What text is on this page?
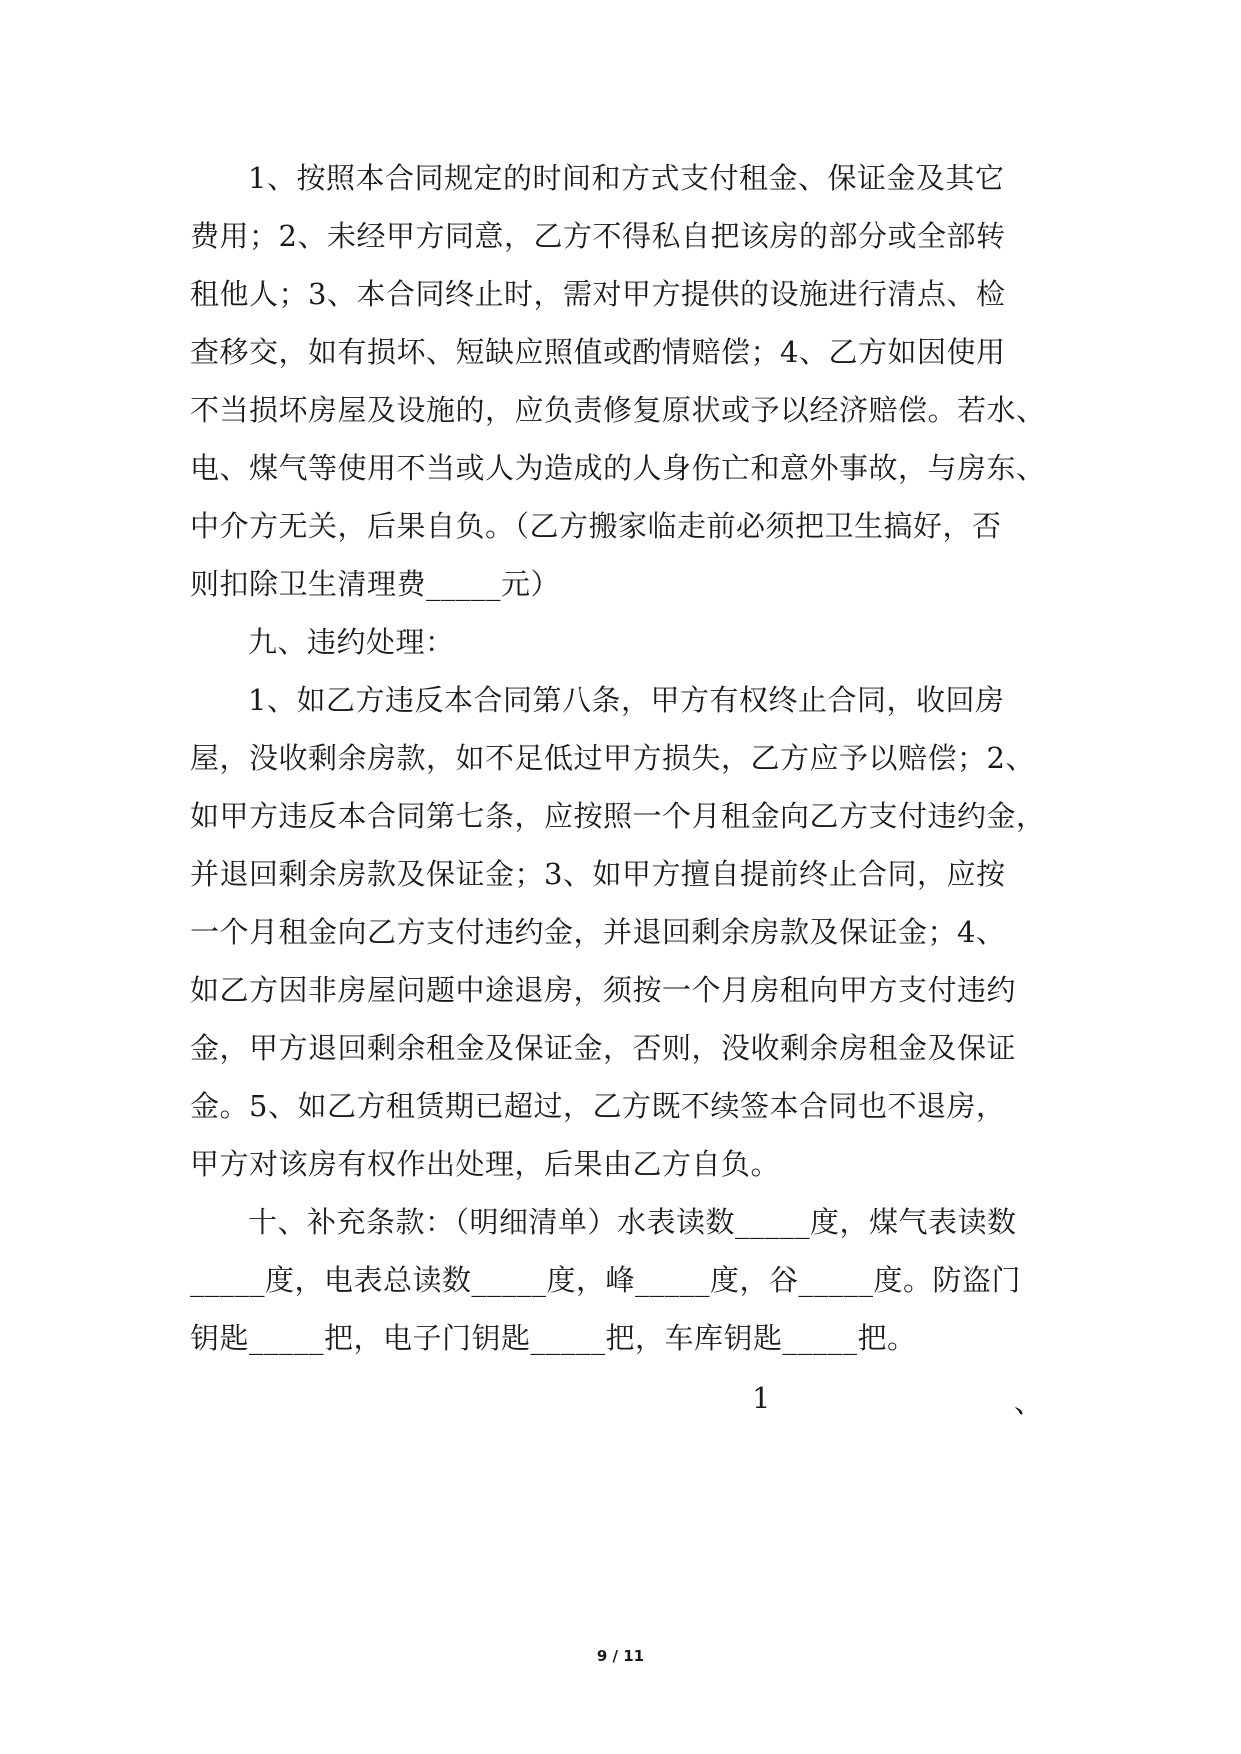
1、按照本合同规定的时间和方式支付租金、保证金及其它
费用；2、未经甲方同意，乙方不得私自把该房的部分或全部转
租他人；3、本合同终止时，需对甲方提供的设施进行清点、检
查移交，如有损坏、短缺应照值或酌情赔偿；4、乙方如因使用
不当损坏房屋及设施的，应负责修复原状或予以经济赔偿。若水、
电、煤气等使用不当或人为造成的人身伤亡和意外事故，与房东、
中介方无关，后果自负。（乙方搬家临走前必须把卫生搞好，否
则扣除卫生清理费_____元）
九、违约处理：
1、如乙方违反本合同第八条，甲方有权终止合同，收回房
屋，没收剩余房款，如不足低过甲方损失，乙方应予以赔偿；2、
如甲方违反本合同第七条，应按照一个月租金向乙方支付违约金，
并退回剩余房款及保证金；3、如甲方擅自提前终止合同，应按
一个月租金向乙方支付违约金，并退回剩余房款及保证金；4、
如乙方因非房屋问题中途退房，须按一个月房租向甲方支付违约
金，甲方退回剩余租金及保证金，否则，没收剩余房租金及保证
金。5、如乙方租赁期已超过，乙方既不续签本合同也不退房，
甲方对该房有权作出处理，后果由乙方自负。
十、补充条款：（明细清单）水表读数_____度，煤气表读数
_____度，电表总读数_____度，峰_____度，谷_____度。防盗门
钥匙_____把，电子门钥匙_____把，车库钥匙_____把。
1	、
9 / 11
